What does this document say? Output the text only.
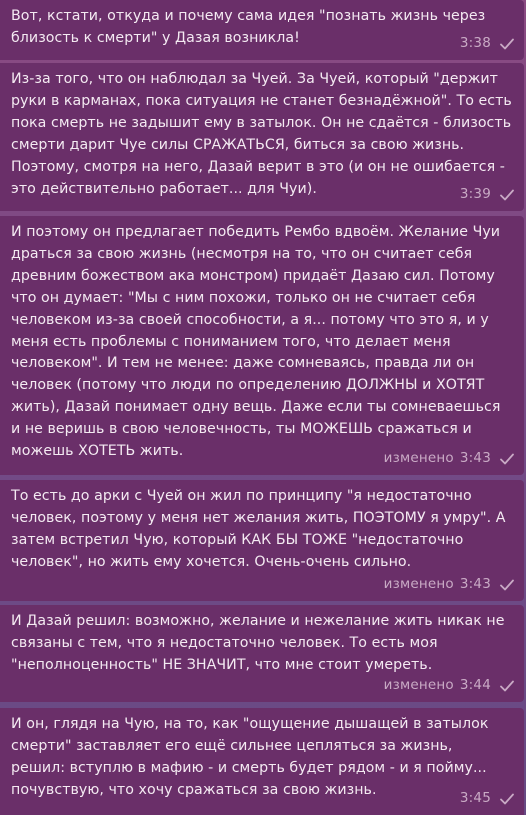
Вот, кстати, откуда и почему сама идея "познать жизнь через
близость к смерти" у Дазая возникла!	3:38

Из-за того, что он наблюдал за Чуей. За Чуей, который "держит
руки в карманах, пока ситуация не станет безнадёжной". То есть
пока смерть не задышит ему в затылок. Он не сдаётся - близость
смерти дарит Чуе силы СРАЖАТЬСЯ, биться за свою жизнь.
Поэтому, смотря на него, Дазай верит в это (и он не ошибается -
это действительно работает... для Чуи).	3:39

И поэтому он предлагает победить Рембо вдвоём. Желание Чуи
драться за свою жизнь (несмотря на то, что он считает себя
древним божеством ака монстром) придаёт Дазаю сил. Потому
что он думает: "Мы с ним похожи, только он не считает себя
человеком из-за своей способности, а я... потому что это я, и у
меня есть проблемы с пониманием того, что делает меня
человеком". И тем не менее: даже сомневаясь, правда ли он
человек (потому что люди по определению ДОЛЖНЫ и ХОТЯТ
жить), Дазай понимает одну вещь. Даже если ты сомневаешься
и не веришь в свою человечность, ты МОЖЕШЬ сражаться и
можешь ХОТЕТЬ жить.	изменено 3:43

То есть до арки с Чуей он жил по принципу "я недостаточно
человек, поэтому у меня нет желания жить, ПОЭТОМУ я умру". А
затем встретил Чую, который КАК БЫ ТОЖЕ "недостаточно
человек", но жить ему хочется. Очень-очень сильно.

изменено 3:43

И Дазай решил: возможно, желание и нежелание жить никак не
связаны с тем, что я недостаточно человек. То есть моя
"неполноценность" НЕ ЗНАЧИТ, что мне стоит умереть.

изменено 3:44

И он, глядя на Чую, на то, как "ощущение дышащей в затылок
смерти" заставляет его ещё сильнее цепляться за жизнь,
решил: вступлю в мафию - и смерть будет рядом - и я пойму...
почувствую, что хочу сражаться за свою жизнь.

3:45
